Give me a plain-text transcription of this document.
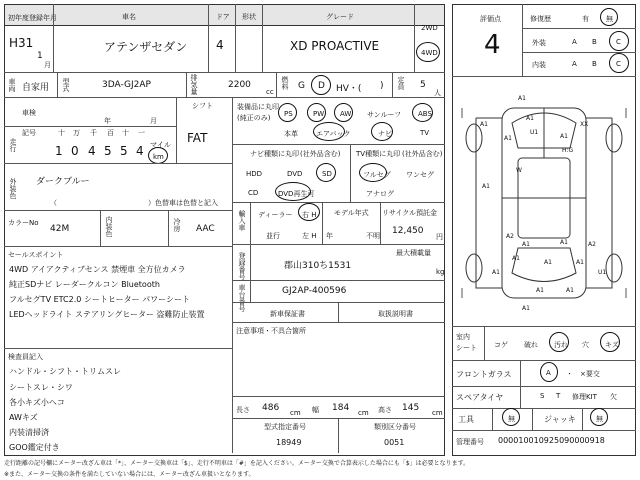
初年度登録年月	車名	ドア 形状	グレード
H31
1
月
アテンザセダン 4	XD PROACTIVE
2WD
4WD
車両 自家用 型式	3DA-GJ2AP	排気量	2200
cc
燃料 G D HV・( ) 定員 5
人
車検
年	月
シフト
FAT
走行
記号	十 万 千 百 十 一
1 0 4 5 5 4 マイル
km
外装色 ダークブルー
（	）色替車は色替と記入
カラーNo
42M	内装色	冷房 AAC
セールスポイント
4WD アイアクティブセンス 禁煙車 全方位カメラ
純正SDナビ レーダークルコン Bluetooth
フルセグTV ETC2.0 シートヒーター パワーシート
LEDヘッドライト ステアリングヒーター 盗難防止装置
検査員記入
ハンドル・シフト・トリムスレ
シートスレ・シワ
各小キズ小ヘコ
AWキズ
内装清掃済
GOO鑑定付き
装備品に丸印
(純正のみ) PS	PW AW サンルーフ ABS
本革	エアバック	ナビ	TV
ナビ種類に丸印 (社外品含む) TV種類に丸印 (社外品含む)
HDD	DVD	SD
CD	DVD再生可
フルセグ ワンセグ
アナログ
輸入車 ディーラー 右 H
並行	左 H
モデル年式
年	不明
リサイクル預託金
12,450
円
登録番号	郡山310ち1531
最大積載量
kg
車台番号	GJ2AP-400596
新車保証書	取扱説明書
注意事項・不具合箇所
長さ 486 cm 幅 184 cm 高さ 145 cm
型式指定番号
18949
類別区分番号
0051
評価点
4
修復歴	有 無
外装	A B	C
内装	A B	C
A1
A1
A1
XX
A1
U1
A1
W
A2
A1
A1	A1	A2
A1
A1	A1
A1
A1	A1
U1
H:G
A1
室内
シート コゲ 破れ 汚れ 穴 キズ
フロントガラス	A ・ ×要交
スペアタイヤ	S T 修理KIT 欠
工具	無	ジャッキ	無
管理番号 000010010925090000918
走行距離の記号欄にメーター改ざん車は「*」、メーター交換車は「$」、走行不明車は「#」を記入ください。メーター交換で合算表示した場合にも「$」は必要となります。
※また、メーター交換の条件を満たしていない場合には、メーター改ざん車扱いとなります。
